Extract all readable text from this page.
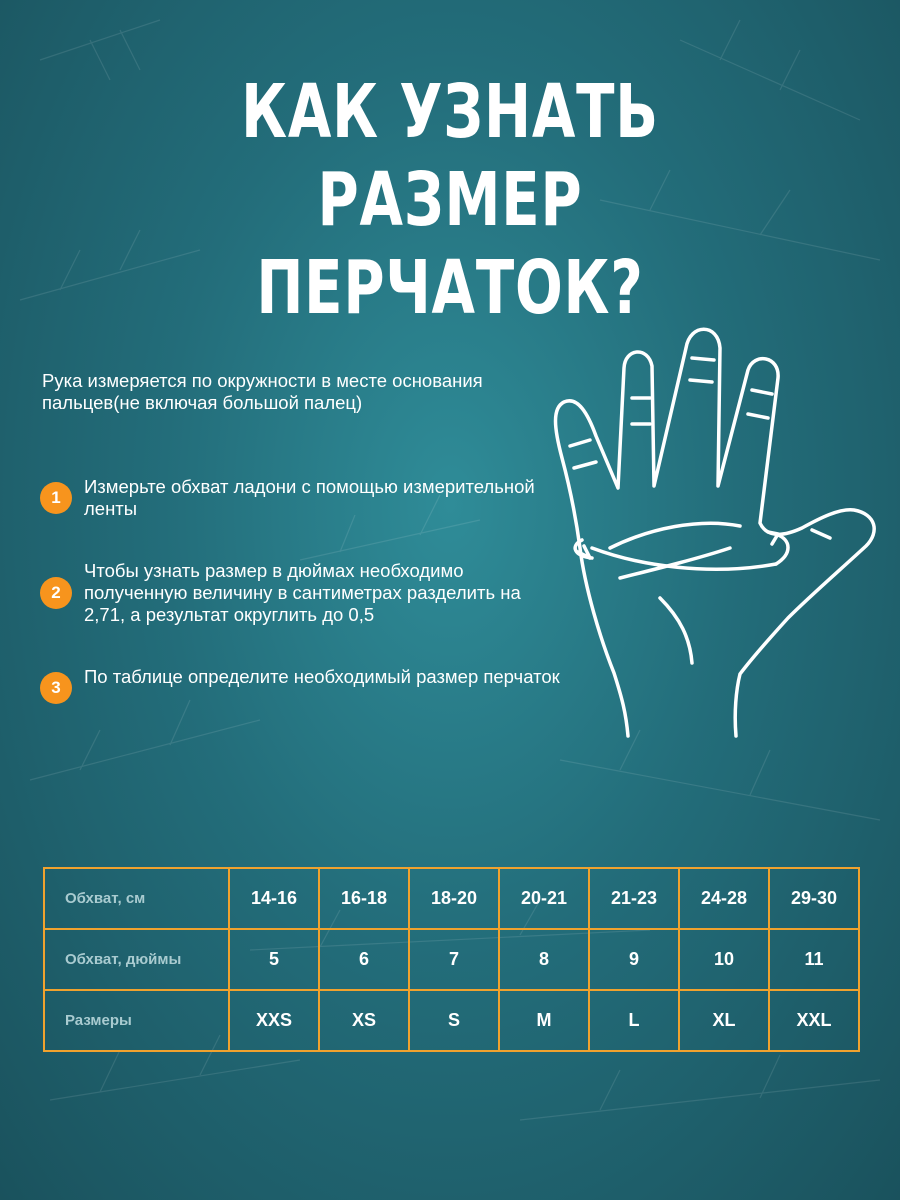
КАК УЗНАТЬ РАЗМЕР
ПЕРЧАТОК?
Рука измеряется по окружности в месте основания пальцев(не включая большой палец)
1
Измерьте обхват ладони с помощью измерительной ленты
2
Чтобы узнать размер в дюймах необходимо полученную величину в сантиметрах разделить на 2,71, а результат округлить до 0,5
3
По таблице определите необходимый размер перчаток
Обхват, см	14-16	16-18	18-20	20-21	21-23	24-28	29-30
Обхват, дюймы	5	6	7	8	9	10	11
Размеры	XXS	XS	S	M	L	XL	XXL
